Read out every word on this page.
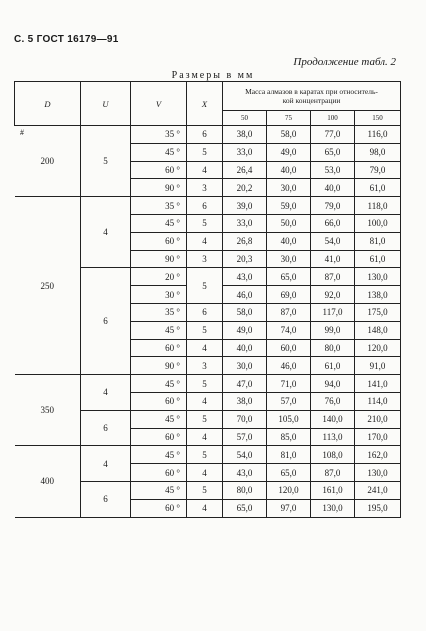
С. 5 ГОСТ 16179—91
Продолжение табл. 2
Размеры в мм
#
D	U	V	X	Масса алмазов в каратах при относитель-
кой концентрации			
				50	75	100	150
200	5	35 °	6	38,0	58,0	77,0	116,0
		45 °	5	33,0	49,0	65,0	98,0
		60 °	4	26,4	40,0	53,0	79,0
		90 °	3	20,2	30,0	40,0	61,0
250	4	35 °	6	39,0	59,0	79,0	118,0
		45 °	5	33,0	50,0	66,0	100,0
		60 °	4	26,8	40,0	54,0	81,0
		90 °	3	20,3	30,0	41,0	61,0
	6	20 °	5	43,0	65,0	87,0	130,0
		30 °		46,0	69,0	92,0	138,0
		35 °	6	58,0	87,0	117,0	175,0
		45 °	5	49,0	74,0	99,0	148,0
		60 °	4	40,0	60,0	80,0	120,0
		90 °	3	30,0	46,0	61,0	91,0
350	4	45 °	5	47,0	71,0	94,0	141,0
		60 °	4	38,0	57,0	76,0	114,0
	6	45 °	5	70,0	105,0	140,0	210,0
		60 °	4	57,0	85,0	113,0	170,0
400	4	45 °	5	54,0	81,0	108,0	162,0
		60 °	4	43,0	65,0	87,0	130,0
	6	45 °	5	80,0	120,0	161,0	241,0
		60 °	4	65,0	97,0	130,0	195,0
